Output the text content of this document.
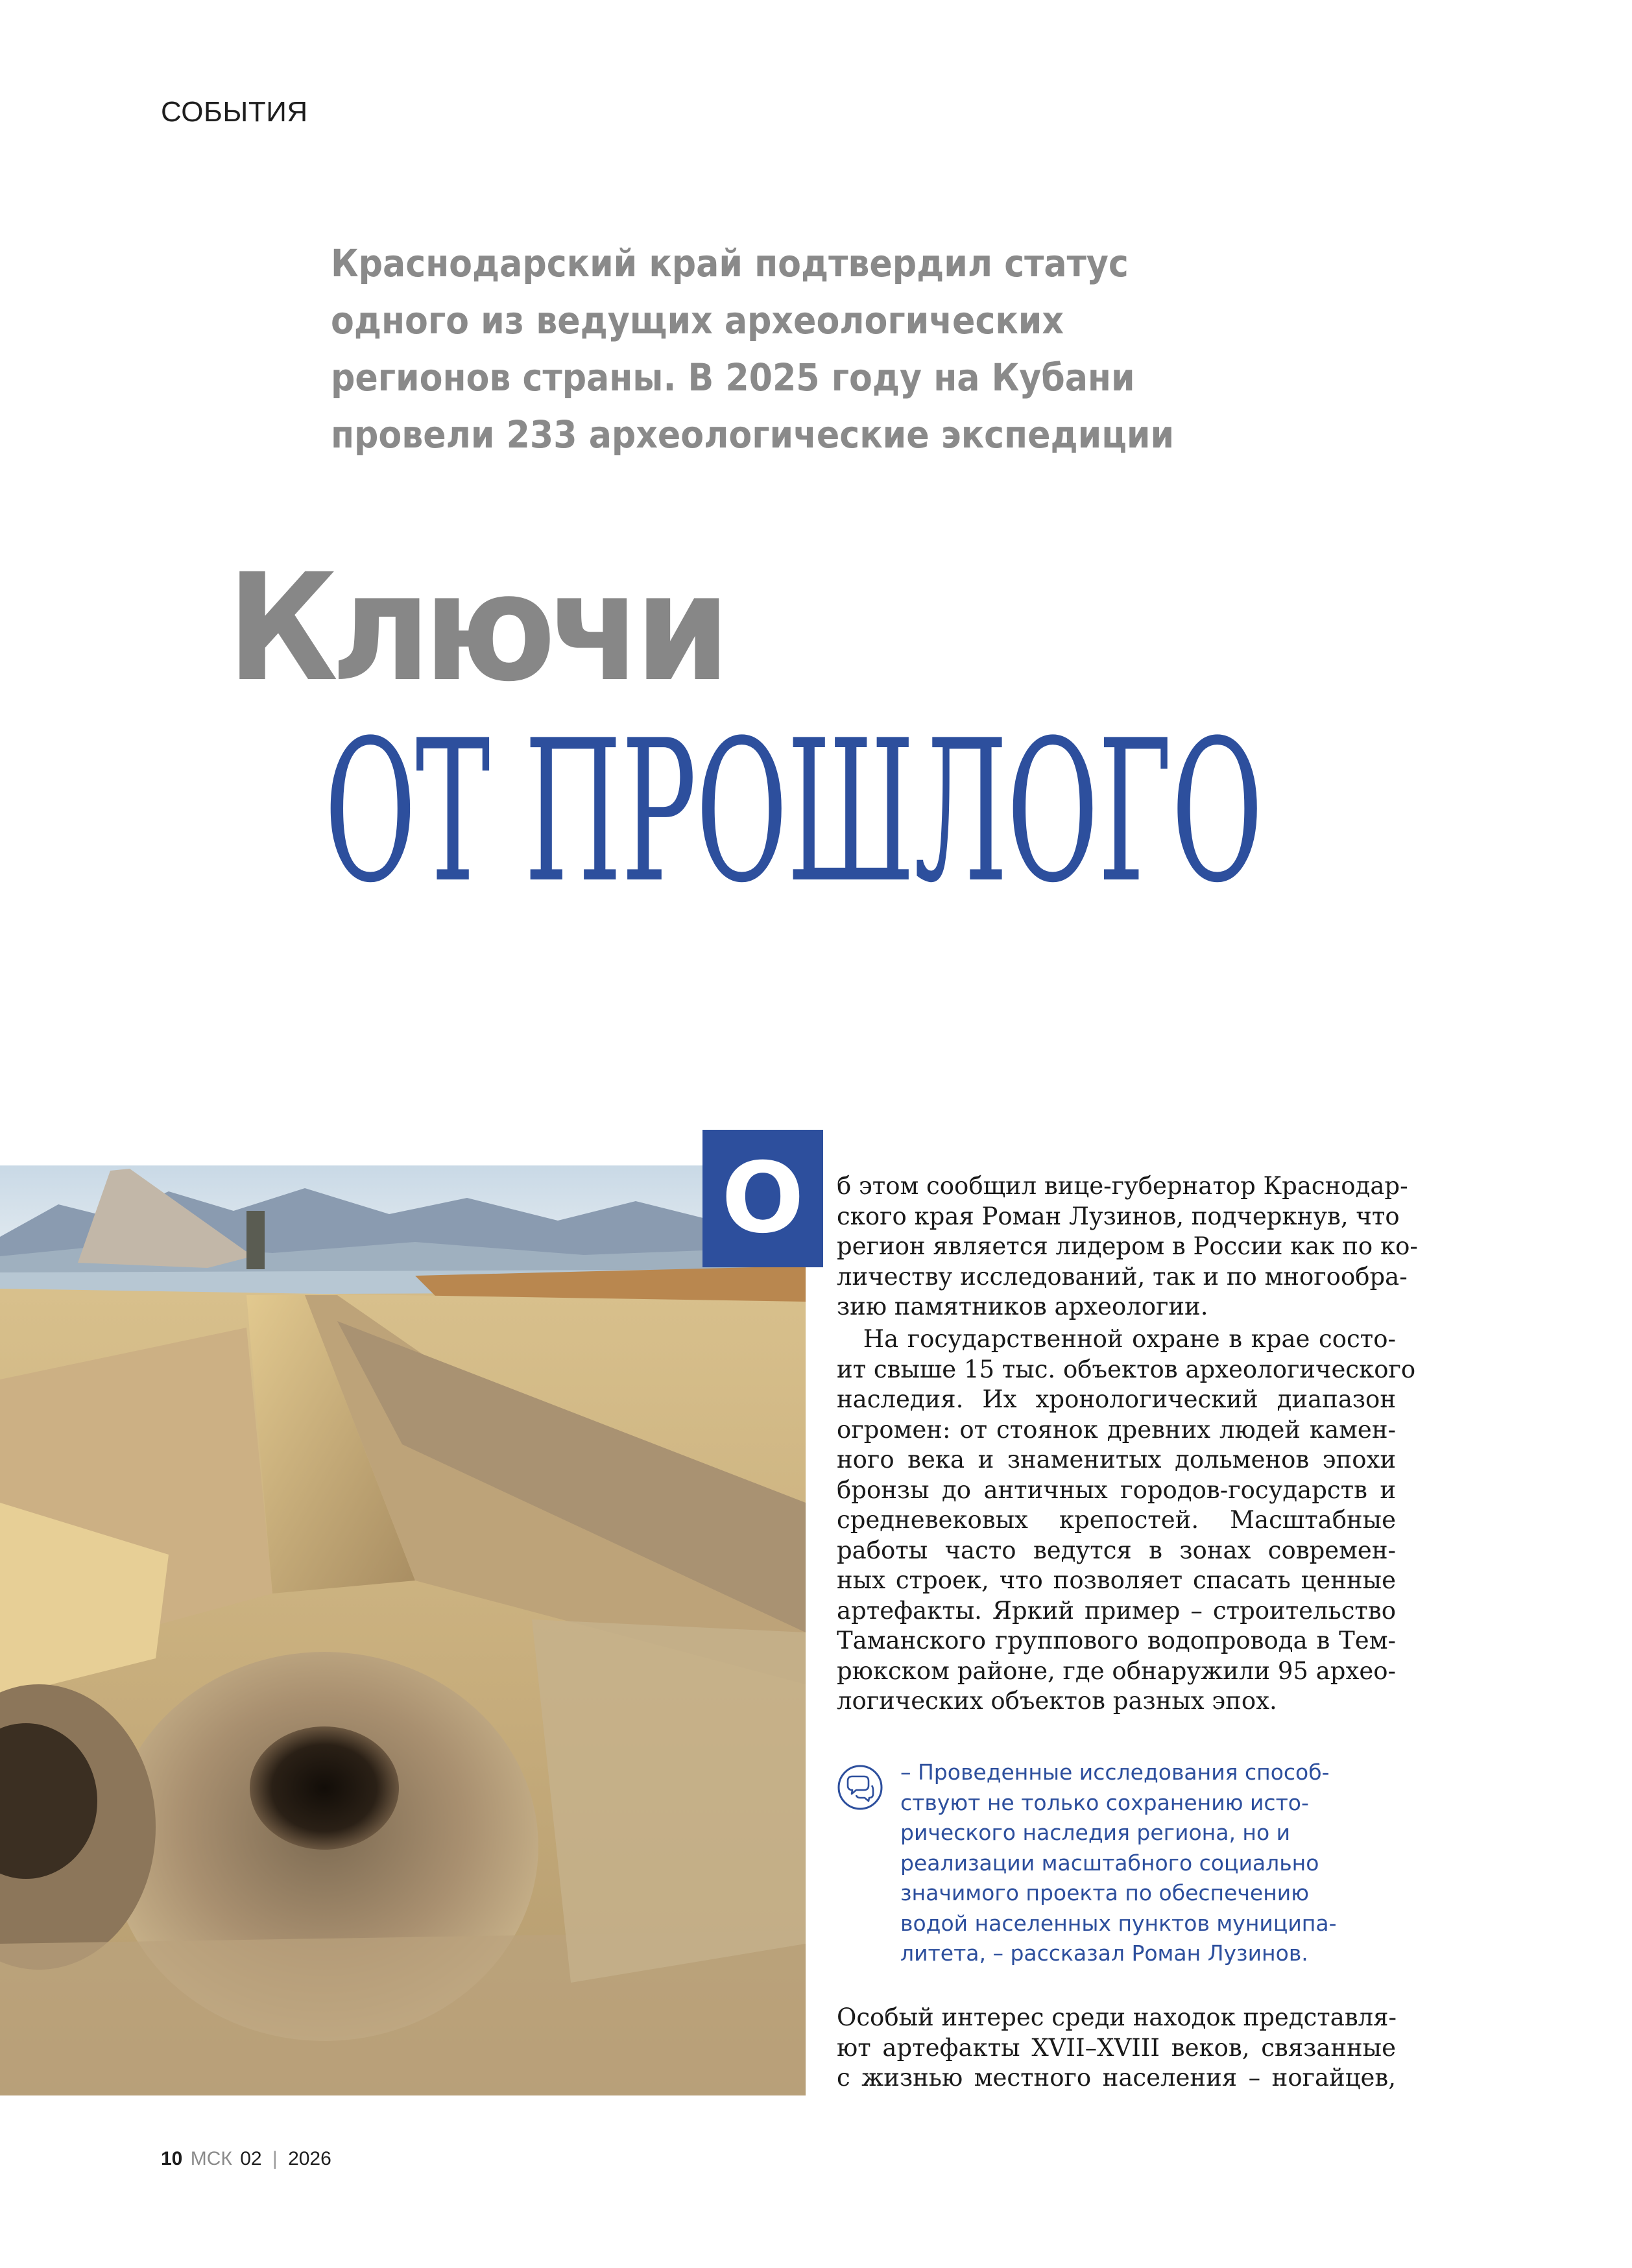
СОБЫТИЯ
Краснодарский край подтвердил статус
одного из ведущих археологических
регионов страны. В 2025 году на Кубани
провели 233 археологические экспедиции
Ключи
ОТ ПРОШЛОГО
О б этом сообщил вице-губернатор Краснодар-
ского края Роман Лузинов, подчеркнув, что
регион является лидером в России как по ко-
личеству исследований, так и по многообра-
зию памятников археологии.
На государственной охране в крае состо-
ит свыше 15 тыс. объектов археологического
наследия. Их хронологический диапазон
огромен: от стоянок древних людей камен-
ного века и знаменитых дольменов эпохи
бронзы до античных городов-государств и
средневековых крепостей. Масштабные
работы часто ведутся в зонах современ-
ных строек, что позволяет спасать ценные
артефакты. Яркий пример – строительство
Таманского группового водопровода в Тем-
рюкском районе, где обнаружили 95 археo-
логических объектов разных эпох.
– Проведенные исследования способ-
ствуют не только сохранению исто-
рического наследия региона, но и
реализации масштабного социально
значимого проекта по обеспечению
водой населенных пунктов муниципа-
литета, – рассказал Роман Лузинов.
Особый интерес среди находок представля-
ют артефакты XVII–XVIII веков, связанные
с жизнью местного населения – ногайцев,
10 МСК 02 | 2026
